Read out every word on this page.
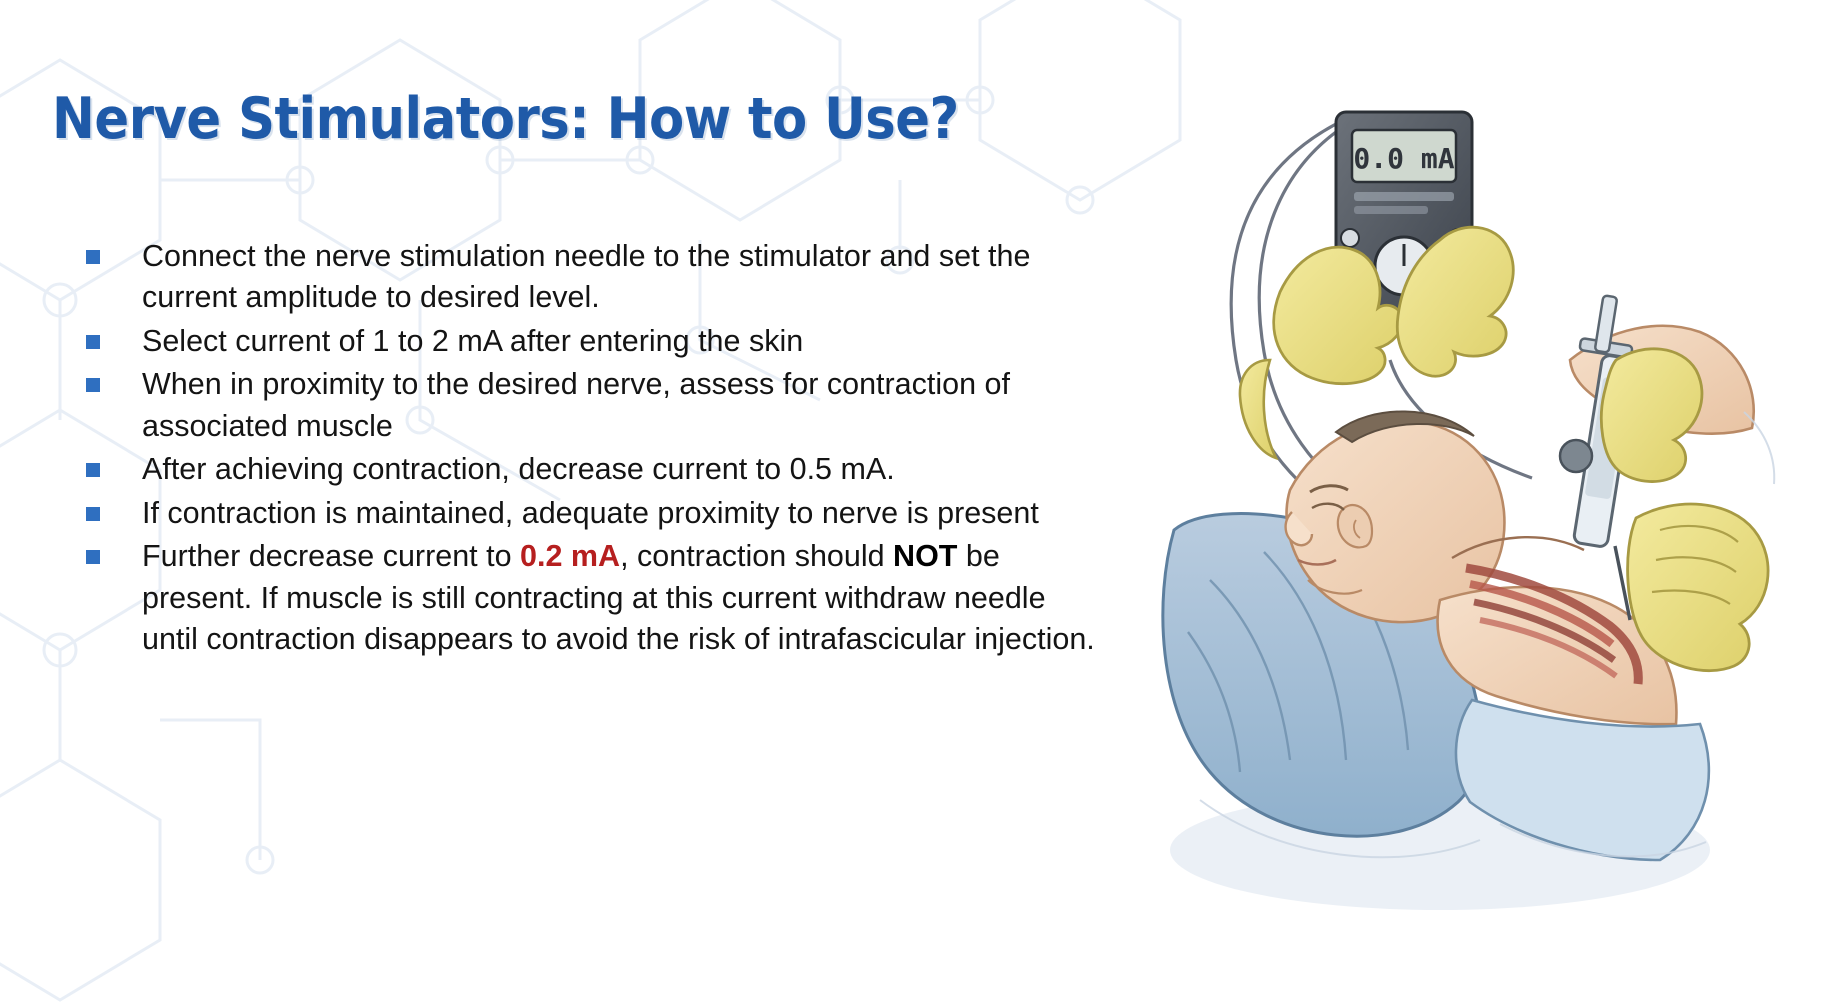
Nerve Stimulators: How to Use?
Connect the nerve stimulation needle to the stimulator and set the current amplitude to desired level.
Select current of 1 to 2 mA after entering the skin
When in proximity to the desired nerve, assess for contraction of associated muscle
After achieving contraction, decrease current to 0.5 mA.
If contraction is maintained, adequate proximity to nerve is present
Further decrease current to 0.2 mA, contraction should NOT be present. If muscle is still contracting at this current withdraw needle until contraction disappears to avoid the risk of intrafascicular injection.
0.0 mA
